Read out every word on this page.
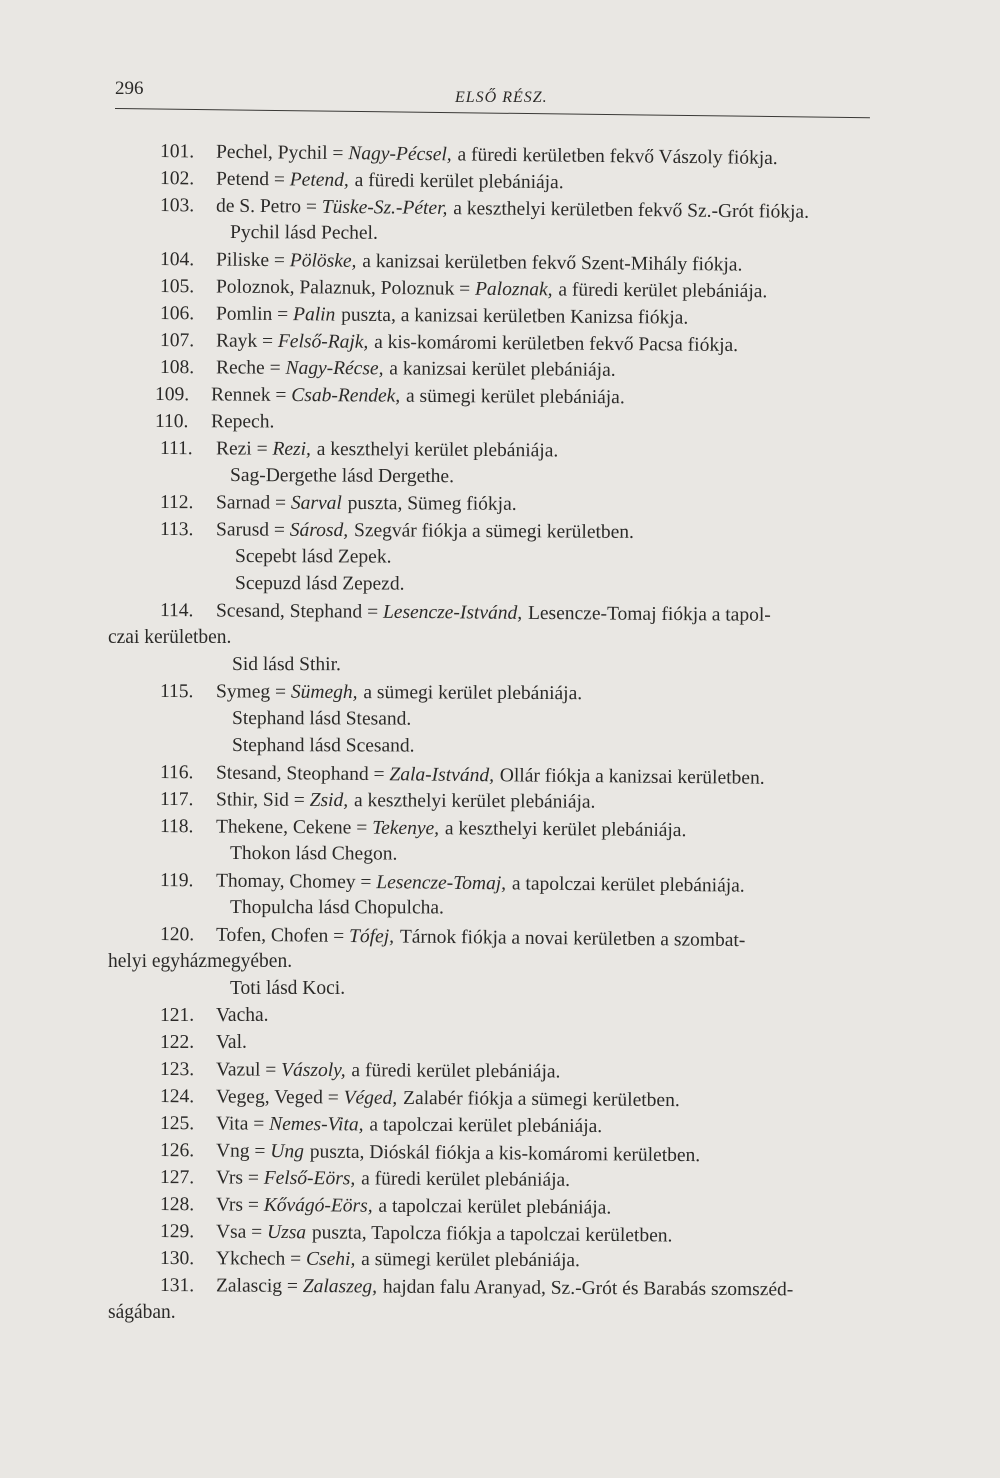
296	ELSŐ RÉSZ.
101. Pechel, Pychil = Nagy-Pécsel, a füredi kerületben fekvő Vászoly fiókja.
102. Petend = Petend, a füredi kerület plebániája.
103. de S. Petro = Tüske-Sz.-Péter, a keszthelyi kerületben fekvő Sz.-Grót fiókja.
Pychil lásd Pechel.
104. Piliske = Pölöske, a kanizsai kerületben fekvő Szent-Mihály fiókja.
105. Poloznok, Palaznuk, Poloznuk = Paloznak, a füredi kerület plebániája.
106. Pomlin = Palin puszta, a kanizsai kerületben Kanizsa fiókja.
107. Rayk = Felső-Rajk, a kis-komáromi kerületben fekvő Pacsa fiókja.
108. Reche = Nagy-Récse, a kanizsai kerület plebániája.
109. Rennek = Csab-Rendek, a sümegi kerület plebániája.
110. Repech.
111. Rezi = Rezi, a keszthelyi kerület plebániája.
Sag-Dergethe lásd Dergethe.
112. Sarnad = Sarval puszta, Sümeg fiókja.
113. Sarusd = Sárosd, Szegvár fiókja a sümegi kerületben.
Scepebt lásd Zepek.
Scepuzd lásd Zepezd.
114. Scesand, Stephand = Lesencze-Istvánd, Lesencze-Tomaj fiókja a tapol-
czai kerületben.
Sid lásd Sthir.
115. Symeg = Sümegh, a sümegi kerület plebániája.
Stephand lásd Stesand.
Stephand lásd Scesand.
116. Stesand, Steophand = Zala-Istvánd, Ollár fiókja a kanizsai kerületben.
117. Sthir, Sid = Zsid, a keszthelyi kerület plebániája.
118. Thekene, Cekene = Tekenye, a keszthelyi kerület plebániája.
Thokon lásd Chegon.
119. Thomay, Chomey = Lesencze-Tomaj, a tapolczai kerület plebániája.
Thopulcha lásd Chopulcha.
120. Tofen, Chofen = Tófej, Tárnok fiókja a novai kerületben a szombat-
helyi egyházmegyében.
Toti lásd Koci.
121. Vacha.
122. Val.
123. Vazul = Vászoly, a füredi kerület plebániája.
124. Vegeg, Veged = Véged, Zalabér fiókja a sümegi kerületben.
125. Vita = Nemes-Vita, a tapolczai kerület plebániája.
126. Vng = Ung puszta, Dióskál fiókja a kis-komáromi kerületben.
127. Vrs = Felső-Eörs, a füredi kerület plebániája.
128. Vrs = Kővágó-Eörs, a tapolczai kerület plebániája.
129. Vsa = Uzsa puszta, Tapolcza fiókja a tapolczai kerületben.
130. Ykchech = Csehi, a sümegi kerület plebániája.
131. Zalascig = Zalaszeg, hajdan falu Aranyad, Sz.-Grót és Barabás szomszéd-
ságában.
